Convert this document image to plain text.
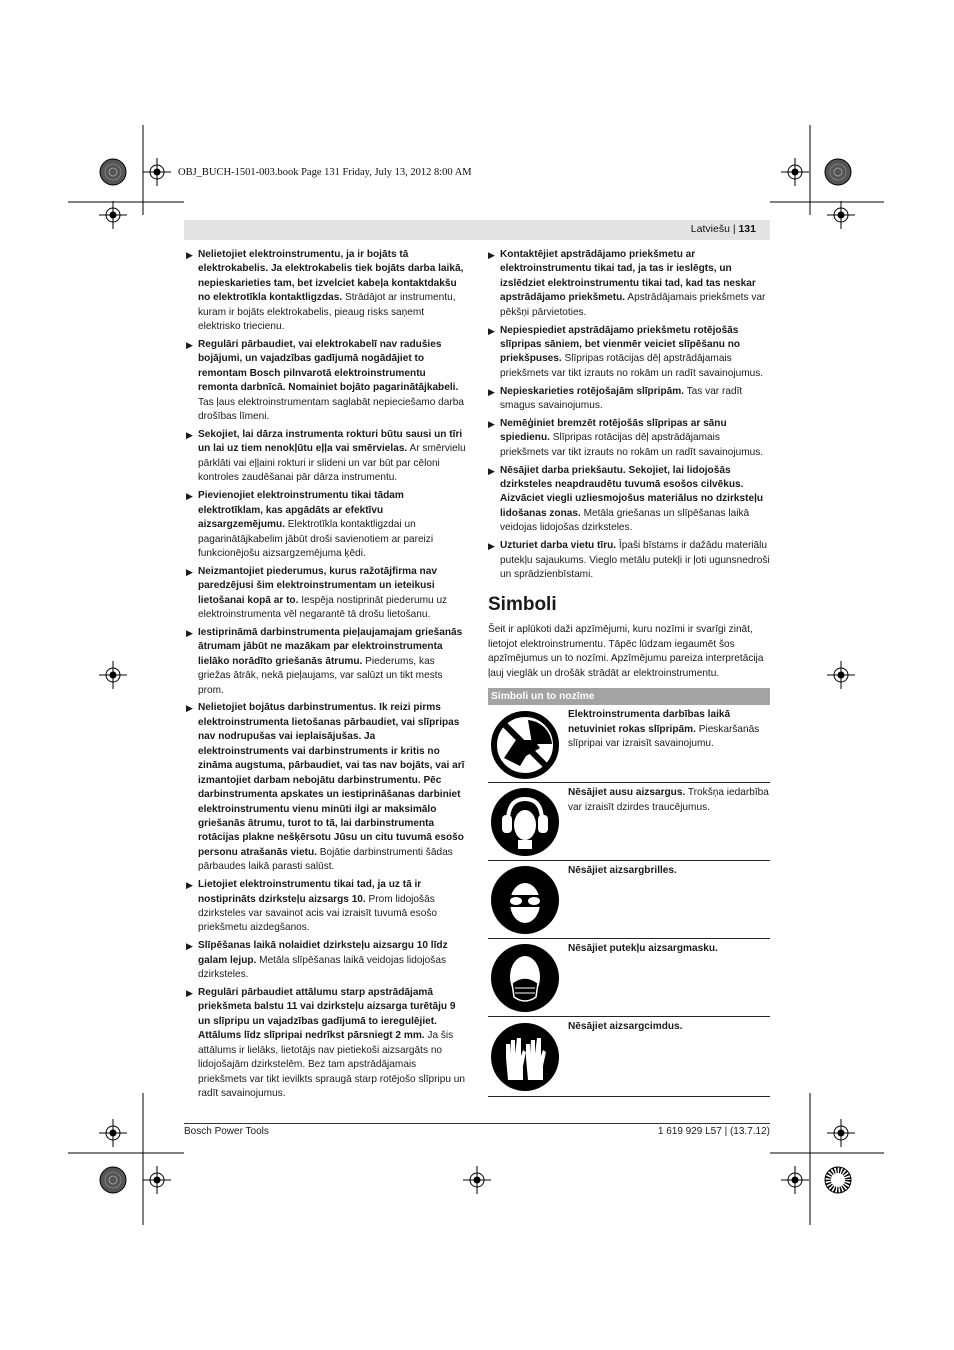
OBJ_BUCH-1501-003.book Page 131 Friday, July 13, 2012 8:00 AM
Latviešu | 131
▶ Nelietojiet elektroinstrumentu, ja ir bojāts tā elektrokabelis. Ja elektrokabelis tiek bojāts darba laikā, nepieskarieties tam, bet izvelciet kabeļa kontaktdakšu no elektrotīkla kontaktligzdas. Strādājot ar instrumentu, kuram ir bojāts elektrokabelis, pieaug risks saņemt elektrisko triecienu.
▶ Regulāri pārbaudiet, vai elektrokabelī nav radušies bojājumi, un vajadzības gadījumā nogādājiet to remontam Bosch pilnvarotā elektroinstrumentu remonta darbnīcā. Nomainiet bojāto pagarinātājkabeli. Tas ļaus elektroinstrumentam saglabāt nepieciešamo darba drošības līmeni.
▶ Sekojiet, lai dārza instrumenta rokturi būtu sausi un tīri un lai uz tiem nenokļūtu eļļa vai smērvielas. Ar smērvielu pārklāti vai eļļaini rokturi ir slideni un var būt par cēloni kontroles zaudēšanai pār dārza instrumentu.
▶ Pievienojiet elektroinstrumentu tikai tādam elektrotīklam, kas apgādāts ar efektīvu aizsargzemējumu. Elektrotīkla kontaktligzdai un pagarinātājkabelim jābūt droši savienotiem ar pareizi funkcionējošu aizsargzemējuma ķēdi.
▶ Neizmantojiet piederumus, kurus ražotājfirma nav paredzējusi šim elektroinstrumentam un ieteikusi lietošanai kopā ar to. Iespēja nostiprināt piederumu uz elektroinstrumenta vēl negarantē tā drošu lietošanu.
▶ Iestiprināmā darbinstrumenta pieļaujamajam griešanās ātrumam jābūt ne mazākam par elektroinstrumenta lielāko norādīto griešanās ātrumu. Piederums, kas griežas ātrāk, nekā pieļaujams, var salūzt un tikt mests prom.
▶ Nelietojiet bojātus darbinstrumentus. Ik reizi pirms elektroinstrumenta lietošanas pārbaudiet, vai slīpripas nav nodrupušas vai ieplaisājušas. Ja elektroinstruments vai darbinstruments ir kritis no zināma augstuma, pārbaudiet, vai tas nav bojāts, vai arī izmantojiet darbam nebojātu darbinstrumentu. Pēc darbinstrumenta apskates un iestiprināšanas darbiniet elektroinstrumentu vienu minūti ilgi ar maksimālo griešanās ātrumu, turot to tā, lai darbinstrumenta rotācijas plakne nešķērsotu Jūsu un citu tuvumā esošo personu atrašanās vietu. Bojātie darbinstrumenti šādas pārbaudes laikā parasti salūst.
▶ Lietojiet elektroinstrumentu tikai tad, ja uz tā ir nostiprināts dzirksteļu aizsargs 10. Prom lidojošās dzirksteles var savainot acis vai izraisīt tuvumā esošo priekšmetu aizdegšanos.
▶ Slīpēšanas laikā nolaidiet dzirksteļu aizsargu 10 līdz galam lejup. Metāla slīpēšanas laikā veidojas lidojošas dzirksteles.
▶ Regulāri pārbaudiet attālumu starp apstrādājamā priekšmeta balstu 11 vai dzirksteļu aizsarga turētāju 9 un slīpripu un vajadzības gadījumā to ieregulējiet. Attālums līdz slīpripai nedrīkst pārsniegt 2 mm. Ja šis attālums ir lielāks, lietotājs nav pietiekoši aizsargāts no lidojošajām dzirkstelēm. Bez tam apstrādājamais priekšmets var tikt ievilkts spraugā starp rotējošo slīpripu un radīt savainojumus.
▶ Kontaktējiet apstrādājamo priekšmetu ar elektroinstrumentu tikai tad, ja tas ir ieslēgts, un izslēdziet elektroinstrumentu tikai tad, kad tas neskar apstrādājamo priekšmetu. Apstrādājamais priekšmets var pēkšņi pārvietoties.
▶ Nepiespiediet apstrādājamo priekšmetu rotējošās slīpripas sāniem, bet vienmēr veiciet slīpēšanu no priekšpuses. Slīpripas rotācijas dēļ apstrādājamais priekšmets var tikt izrauts no rokām un radīt savainojumus.
▶ Nepieskarieties rotējošajām slīpripām. Tas var radīt smagus savainojumus.
▶ Nemēģiniet bremzēt rotējošās slīpripas ar sānu spiedienu. Slīpripas rotācijas dēļ apstrādājamais priekšmets var tikt izrauts no rokām un radīt savainojumus.
▶ Nēsājiet darba priekšautu. Sekojiet, lai lidojošās dzirksteles neapdraudētu tuvumā esošos cilvēkus. Aizvāciet viegli uzliesmojošus materiālus no dzirksteļu lidošanas zonas. Metāla griešanas un slīpēšanas laikā veidojas lidojošas dzirksteles.
▶ Uzturiet darba vietu tīru. Īpaši bīstams ir dažādu materiālu putekļu sajaukums. Vieglo metālu putekļi ir ļoti ugunsnedroši un sprādzienbīstami.
Simboli
Šeit ir aplūkoti daži apzīmējumi, kuru nozīmi ir svarīgi zināt, lietojot elektroinstrumentu. Tāpēc lūdzam iegaumēt šos apzīmējumus un to nozīmi. Apzīmējumu pareiza interpretācija ļauj vieglāk un drošāk strādāt ar elektroinstrumentu.
Simboli un to nozīme
Elektroinstrumenta darbības laikā netuviniet rokas slīpripām. Pieskaršanās slīpripai var izraisīt savainojumu.
Nēsājiet ausu aizsargus. Trokšņa iedarbība var izraisīt dzirdes traucējumus.
Nēsājiet aizsargbrilles.
Nēsājiet putekļu aizsargmasku.
Nēsājiet aizsargcimdus.
Bosch Power Tools	1 619 929 L57 | (13.7.12)
